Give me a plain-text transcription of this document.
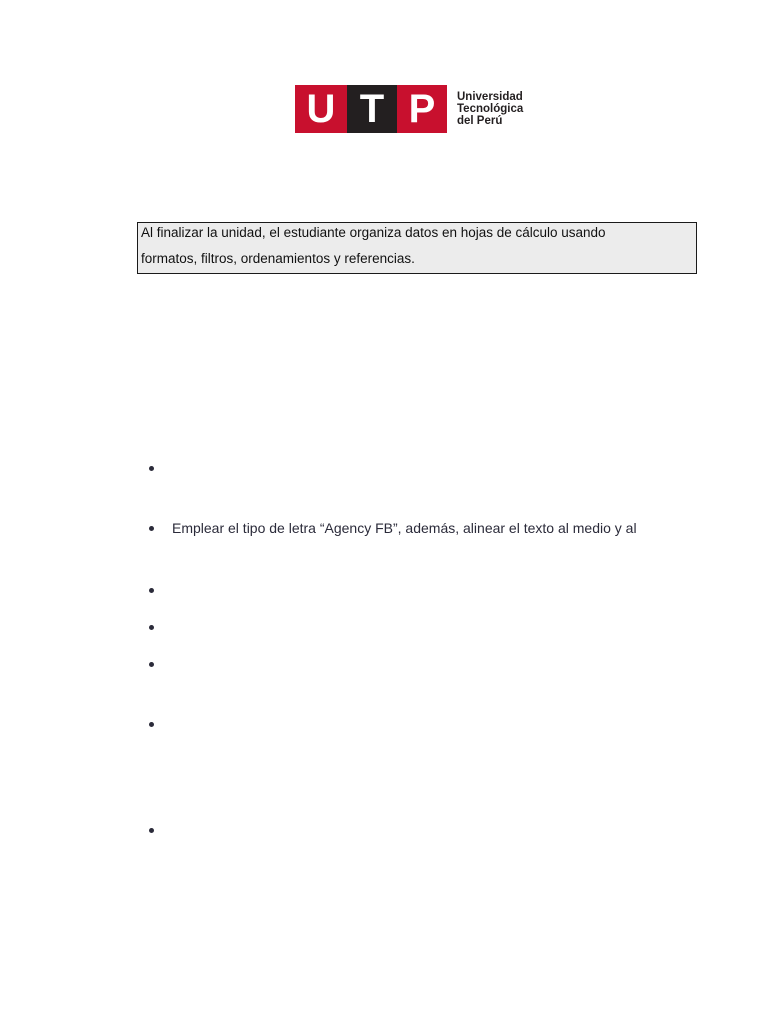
U T P	Universidad
Tecnológica
del Perú

Al finalizar la unidad, el estudiante organiza datos en hojas de cálculo usando
formatos, filtros, ordenamientos y referencias.

Emplear el tipo de letra “Agency FB”, además, alinear el texto al medio y al
